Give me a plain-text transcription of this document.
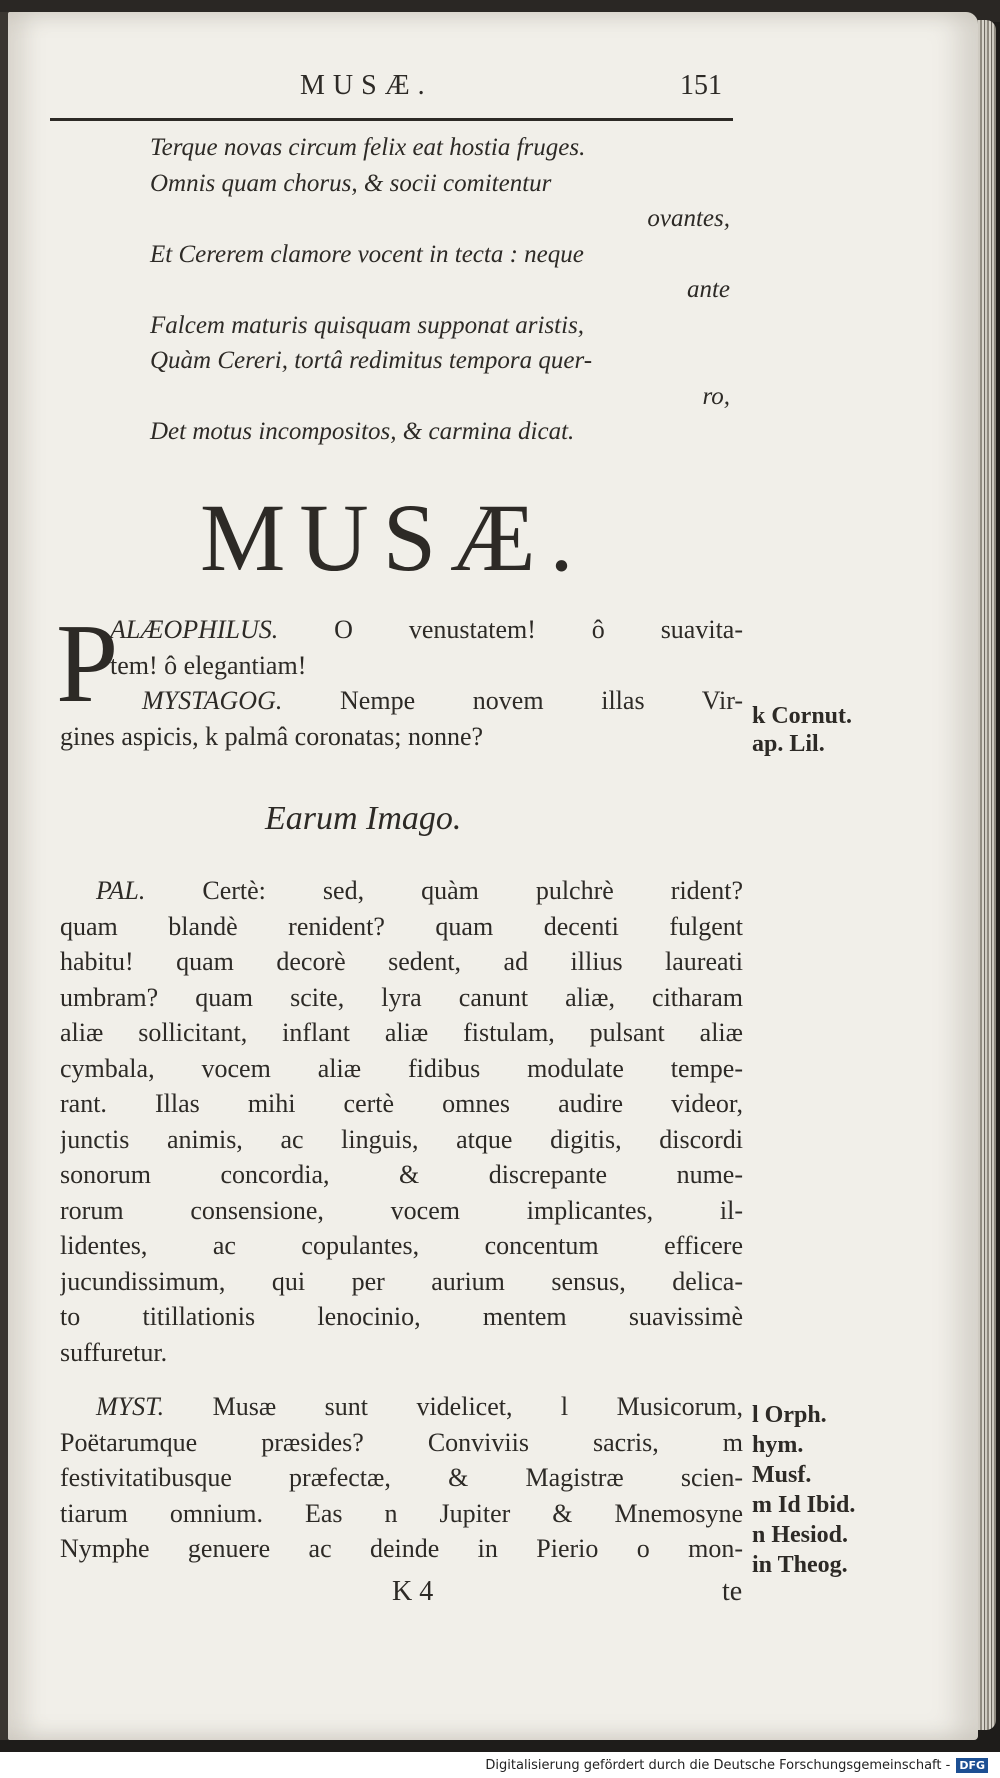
MUSÆ.	151
Terque novas circum felix eat hostia fruges.
Omnis quam chorus, & socii comitentur
ovantes,
Et Cererem clamore vocent in tecta : neque
ante
Falcem maturis quisquam supponat aristis,
Quàm Cereri, tortâ redimitus tempora quer-
ro,
Det motus incompositos, & carmina dicat.
MUSÆ.
P
ALÆOPHILUS. O venustatem! ô suavita-
tem! ô elegantiam!
MYSTAGOG. Nempe novem illas Vir-
gines aspicis, k palmâ coronatas; nonne?
k Cornut.
ap. Lil.
Earum Imago.
PAL. Certè: sed, quàm pulchrè rident?
quam blandè renident? quam decenti fulgent
habitu! quam decorè sedent, ad illius laureati
umbram? quam scite, lyra canunt aliæ, citharam
aliæ sollicitant, inflant aliæ fistulam, pulsant aliæ
cymbala, vocem aliæ fidibus modulate tempe-
rant. Illas mihi certè omnes audire videor,
junctis animis, ac linguis, atque digitis, discordi
sonorum concordia, & discrepante nume-
rorum consensione, vocem implicantes, il-
lidentes, ac copulantes, concentum efficere
jucundissimum, qui per aurium sensus, delica-
to titillationis lenocinio, mentem suavissimè
suffuretur.
MYST. Musæ sunt videlicet, l Musicorum,
Poëtarumque præsides? Conviviis sacris, m
festivitatibusque præfectæ, & Magistræ scien-
tiarum omnium. Eas n Jupiter & Mnemosyne
Nymphe genuere ac deinde in Pierio o mon-
l Orph.
hym.
Musf.
m Id Ibid.
n Hesiod.
in Theog.
K 4	te
Digitalisierung gefördert durch die Deutsche Forschungsgemeinschaft - DFG
